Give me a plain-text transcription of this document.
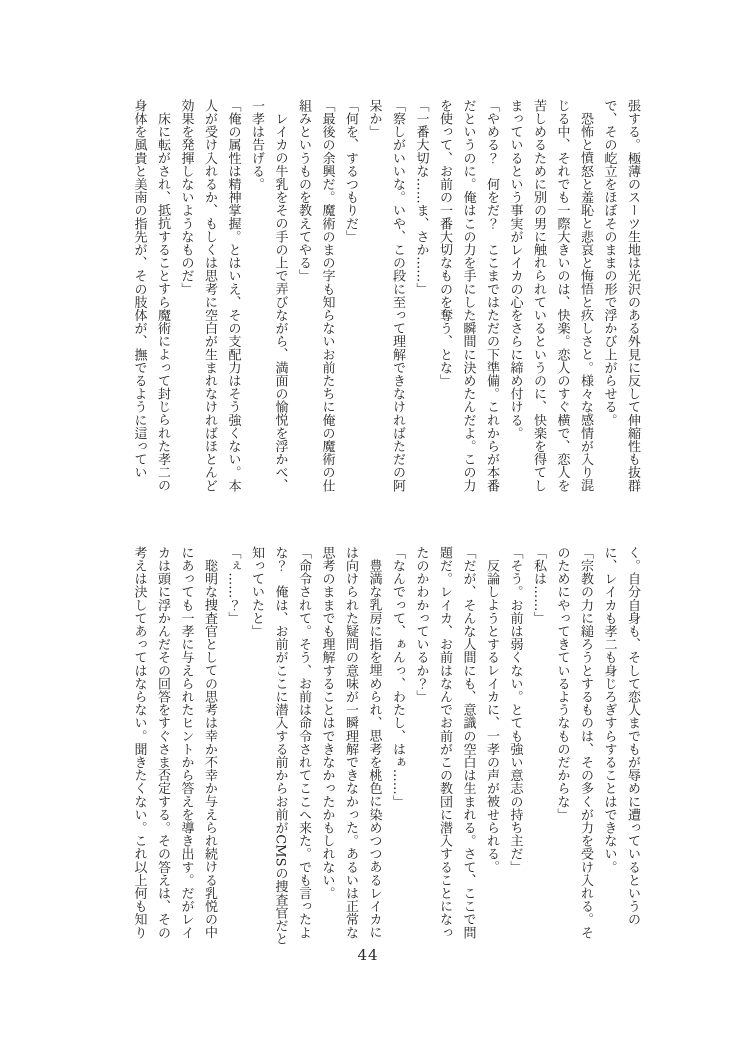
張する。極薄のスーツ生地は光沢のある外見に反して伸縮性も抜群
で、その屹立をほぼそのままの形で浮かび上がらせる。
恐怖と憤怒と羞恥と悲哀と悔悟と疚しさと。様々な感情が入り混
じる中、それでも一際大きいのは、快楽。恋人のすぐ横で、恋人を
苦しめるために別の男に触れられているというのに、快楽を得てし
まっているという事実がレイカの心をさらに締め付ける。
「やめる？　何をだ？　ここまではただの下準備。これからが本番
だというのに。俺はこの力を手にした瞬間に決めたんだよ。この力
を使って、お前の一番大切なものを奪う、とな」
「一番大切な……ま、さか……」
「察しがいいな。いや、この段に至って理解できなければただの阿
呆か」
「何を、するつもりだ」
「最後の余興だ。魔術のまの字も知らないお前たちに俺の魔術の仕
組みというものを教えてやる」
レイカの牛乳をその手の上で弄びながら、満面の愉悦を浮かべ、
一孝は告げる。
「俺の属性は精神掌握。とはいえ、その支配力はそう強くない。本
人が受け入れるか、もしくは思考に空白が生まれなければほとんど
効果を発揮しないようなものだ」
床に転がされ、抵抗することすら魔術によって封じられた孝二の
身体を風貴と美南の指先が、その肢体が、撫でるように這ってい
く。自分自身も、そして恋人までもが辱めに遭っているというの
に、レイカも孝二も身じろぎすらすることはできない。
「宗教の力に縋ろうとするものは、その多くが力を受け入れる。そ
のためにやってきているようなものだからな」
「私は……」
「そう。お前は弱くない。とても強い意志の持ち主だ」
反論しようとするレイカに、一孝の声が被せられる。
「だが、そんな人間にも、意識の空白は生まれる。さて、ここで問
題だ。レイカ、お前はなんでお前がこの教団に潜入することになっ
たのかわかっているか？」
「なんでって、ぁんっ、わたし、はぁ……」
豊満な乳房に指を埋められ、思考を桃色に染めつつあるレイカに
は向けられた疑問の意味が一瞬理解できなかった。あるいは正常な
思考のままでも理解することはできなかったかもしれない。
「命令されて。そう、お前は命令されてここへ来た。でも言ったよ
な？　俺は、お前がここに潜入する前からお前がCMSの捜査官だと
知っていたと」
「ぇ……？」
聡明な捜査官としての思考は幸か不幸か与えられ続ける乳悦の中
にあっても一孝に与えられたヒントから答えを導き出す。だがレイ
カは頭に浮かんだその回答をすぐさま否定する。その答えは、その
考えは決してあってはならない。聞きたくない。これ以上何も知り
44
